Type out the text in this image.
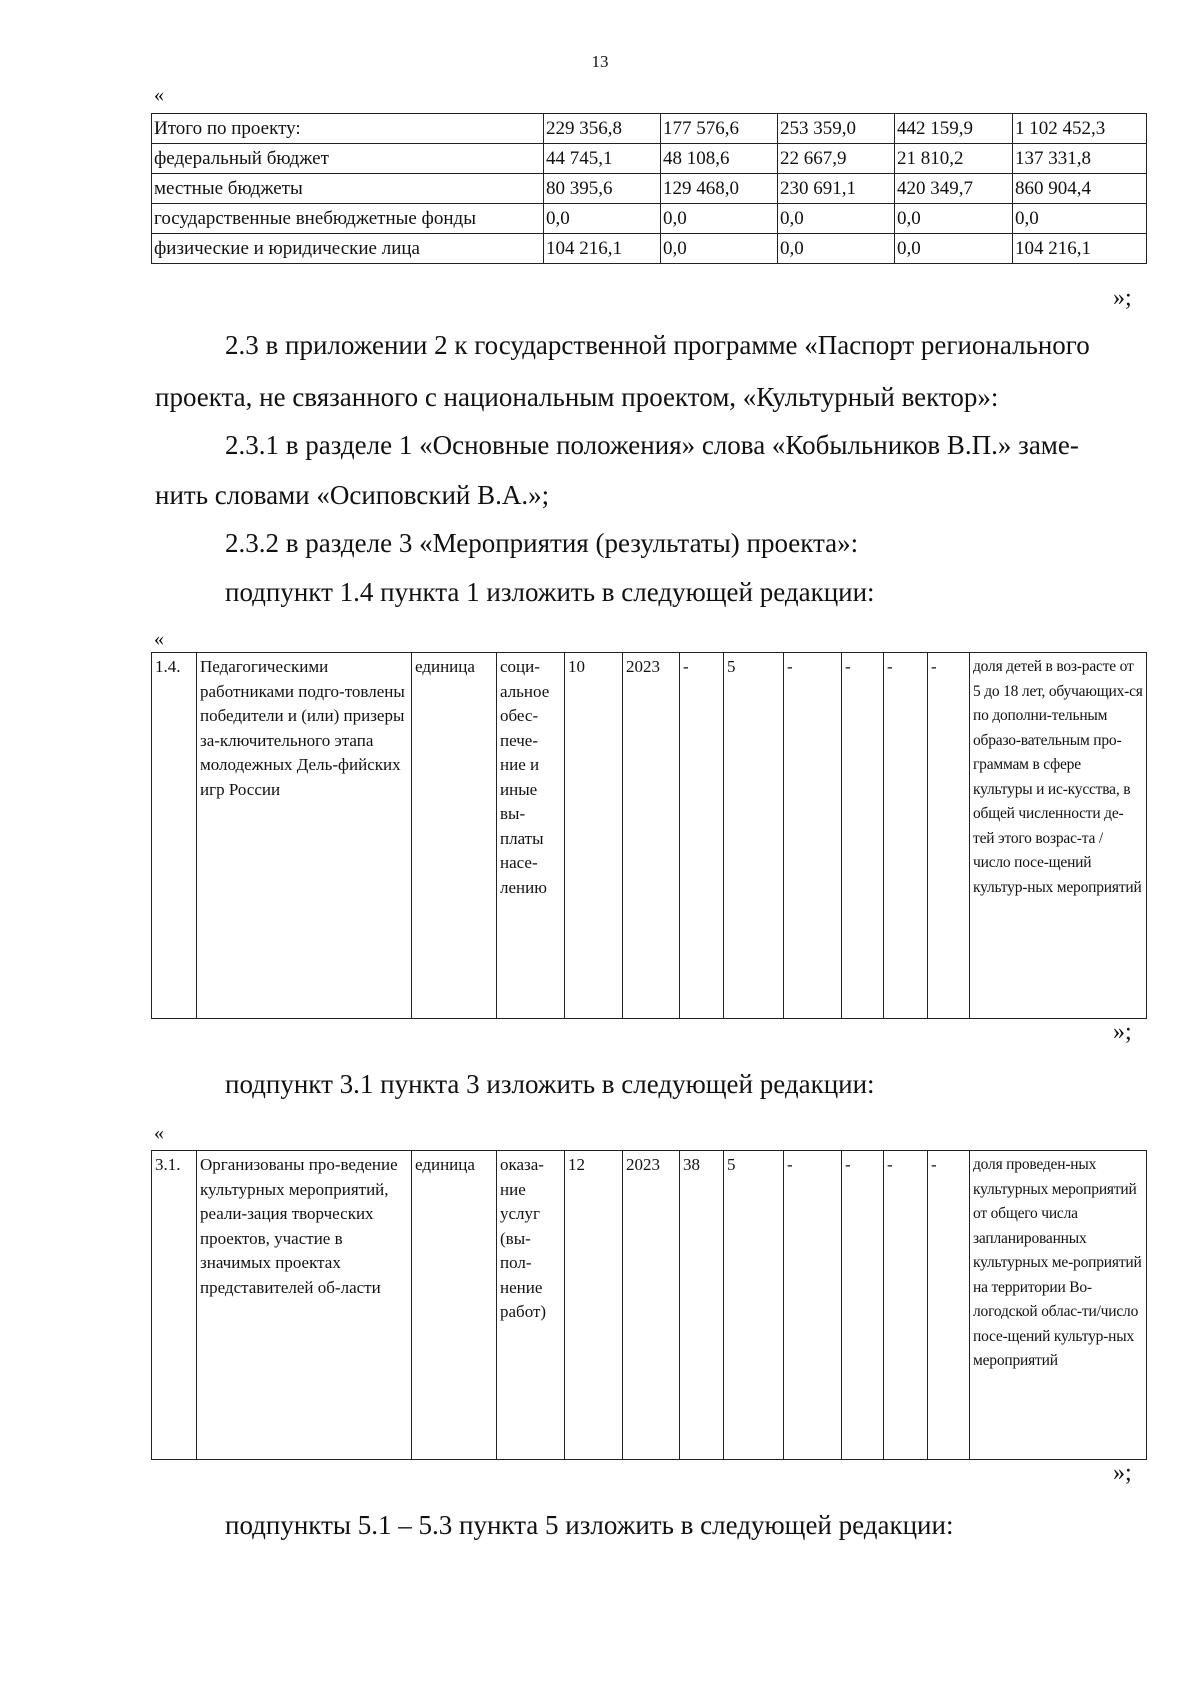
13
«
Итого по проекту:	229 356,8	177 576,6	253 359,0	442 159,9	1 102 452,3
федеральный бюджет	44 745,1	48 108,6	22 667,9	21 810,2	137 331,8
местные бюджеты	80 395,6	129 468,0	230 691,1	420 349,7	860 904,4
государственные внебюджетные фонды	0,0	0,0	0,0	0,0	0,0
физические и юридические лица	104 216,1	0,0	0,0	0,0	104 216,1
»;
2.3 в приложении 2 к государственной программе «Паспорт регионального
проекта, не связанного с национальным проектом, «Культурный вектор»:
2.3.1 в разделе 1 «Основные положения» слова «Кобыльников В.П.» заме-
нить словами «Осиповский В.А.»;
2.3.2 в разделе 3 «Мероприятия (результаты) проекта»:
подпункт 1.4 пункта 1 изложить в следующей редакции:
«
1.4.	Педагогическими работниками подго-товлены победители и (или) призеры за-ключительного этапа молодежных Дель-фийских игр России	единица	соци-альное обес-пече-ние и иные вы-платы насе-лению	10	2023	-	5	-	-	-	-	доля детей в воз-расте от 5 до 18 лет, обучающих-ся по дополни-тельным образо-вательным про-граммам в сфере культуры и ис-кусства, в общей численности де-тей этого возрас-та / число посе-щений культур-ных мероприятий
»;
подпункт 3.1 пункта 3 изложить в следующей редакции:
«
3.1.	Организованы про-ведение культурных мероприятий, реали-зация творческих проектов, участие в значимых проектах представителей об-ласти	единица	оказа-ние услуг (вы-пол-нение работ)	12	2023	38	5	-	-	-	-	доля проведен-ных культурных мероприятий от общего числа запланированных культурных ме-роприятий на территории Во-логодской облас-ти/число посе-щений культур-ных мероприятий
»;
подпункты 5.1 – 5.3 пункта 5 изложить в следующей редакции:
